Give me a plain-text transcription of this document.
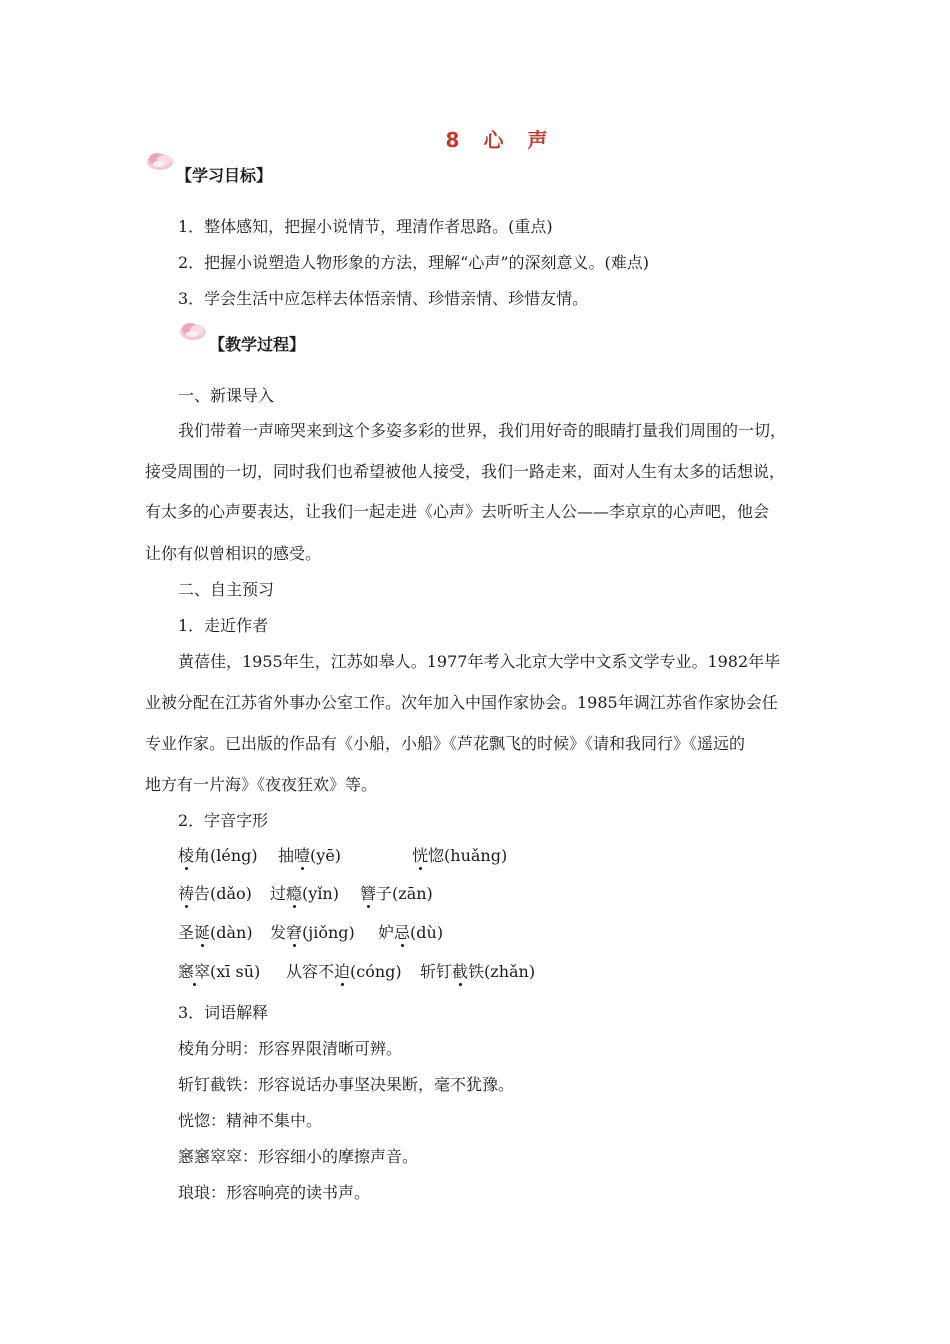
8　心　声
【学习目标】
1．整体感知，把握小说情节，理清作者思路。(重点)
2．把握小说塑造人物形象的方法，理解“心声”的深刻意义。(难点)
3．学会生活中应怎样去体悟亲情、珍惜亲情、珍惜友情。
【教学过程】
一、新课导入
我们带着一声啼哭来到这个多姿多彩的世界，我们用好奇的眼睛打量我们周围的一切，
接受周围的一切，同时我们也希望被他人接受，我们一路走来，面对人生有太多的话想说，
有太多的心声要表达，让我们一起走进《心声》去听听主人公——李京京的心声吧，他会
让你有似曾相识的感受。
二、自主预习
1．走近作者
黄蓓佳，1955年生，江苏如皋人。1977年考入北京大学中文系文学专业。1982年毕
业被分配在江苏省外事办公室工作。次年加入中国作家协会。1985年调江苏省作家协会任
专业作家。已出版的作品有《小船，小船》《芦花飘飞的时候》《请和我同行》《遥远的
地方有一片海》《夜夜狂欢》等。
2．字音字形
棱角(léng) 抽噎(yē)	恍惚(huǎng)
祷告(dǎo) 过瘾(yǐn) 簪子(zān)
圣诞(dàn) 发窘(jiǒng) 妒忌(dù)
窸窣(xī sū) 从容不迫(cóng) 斩钉截铁(zhǎn)
3．词语解释
棱角分明：形容界限清晰可辨。
斩钉截铁：形容说话办事坚决果断，毫不犹豫。
恍惚：精神不集中。
窸窸窣窣：形容细小的摩擦声音。
琅琅：形容响亮的读书声。
